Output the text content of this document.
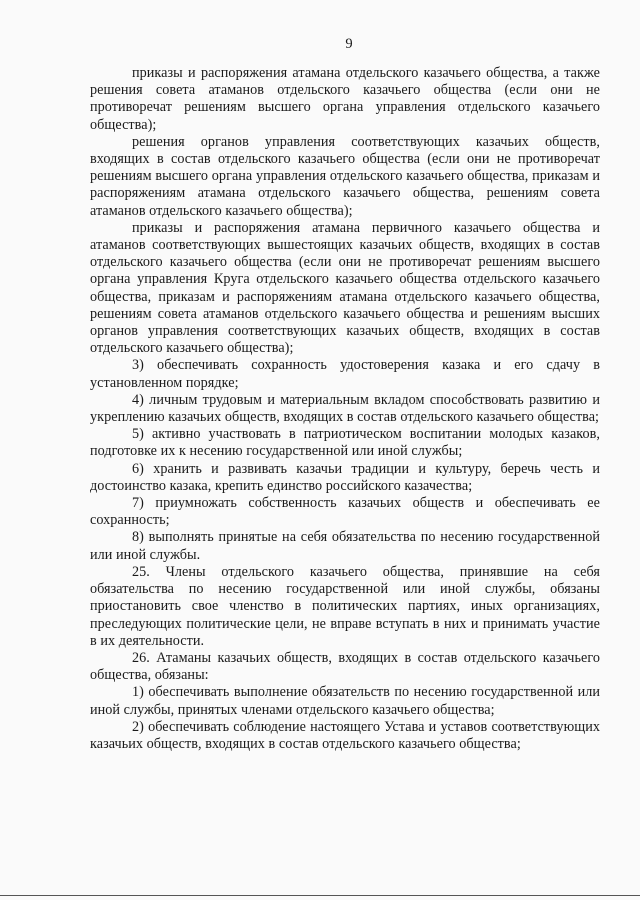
9

приказы и распоряжения атамана отдельского казачьего общества, а также решения совета атаманов отдельского казачьего общества (если они не противоречат решениям высшего органа управления отдельского казачьего общества);

решения органов управления соответствующих казачьих обществ, входящих в состав отдельского казачьего общества (если они не противоречат решениям высшего органа управления отдельского казачьего общества, приказам и распоряжениям атамана отдельского казачьего общества, решениям совета атаманов отдельского казачьего общества);

приказы и распоряжения атамана первичного казачьего общества и атаманов соответствующих вышестоящих казачьих обществ, входящих в состав отдельского казачьего общества (если они не противоречат решениям высшего органа управления Круга отдельского казачьего общества отдельского казачьего общества, приказам и распоряжениям атамана отдельского казачьего общества, решениям совета атаманов отдельского казачьего общества и решениям высших органов управления соответствующих казачьих обществ, входящих в состав отдельского казачьего общества);

3) обеспечивать сохранность удостоверения казака и его сдачу в установленном порядке;

4) личным трудовым и материальным вкладом способствовать развитию и укреплению казачьих обществ, входящих в состав отдельского казачьего общества;

5) активно участвовать в патриотическом воспитании молодых казаков, подготовке их к несению государственной или иной службы;

6) хранить и развивать казачьи традиции и культуру, беречь честь и достоинство казака, крепить единство российского казачества;

7) приумножать собственность казачьих обществ и обеспечивать ее сохранность;

8) выполнять принятые на себя обязательства по несению государственной или иной службы.

25. Члены отдельского казачьего общества, принявшие на себя обязательства по несению государственной или иной службы, обязаны приостановить свое членство в политических партиях, иных организациях, преследующих политические цели, не вправе вступать в них и принимать участие в их деятельности.

26. Атаманы казачьих обществ, входящих в состав отдельского казачьего общества, обязаны:

1) обеспечивать выполнение обязательств по несению государственной или иной службы, принятых членами отдельского казачьего общества;

2) обеспечивать соблюдение настоящего Устава и уставов соответствующих казачьих обществ, входящих в состав отдельского казачьего общества;
